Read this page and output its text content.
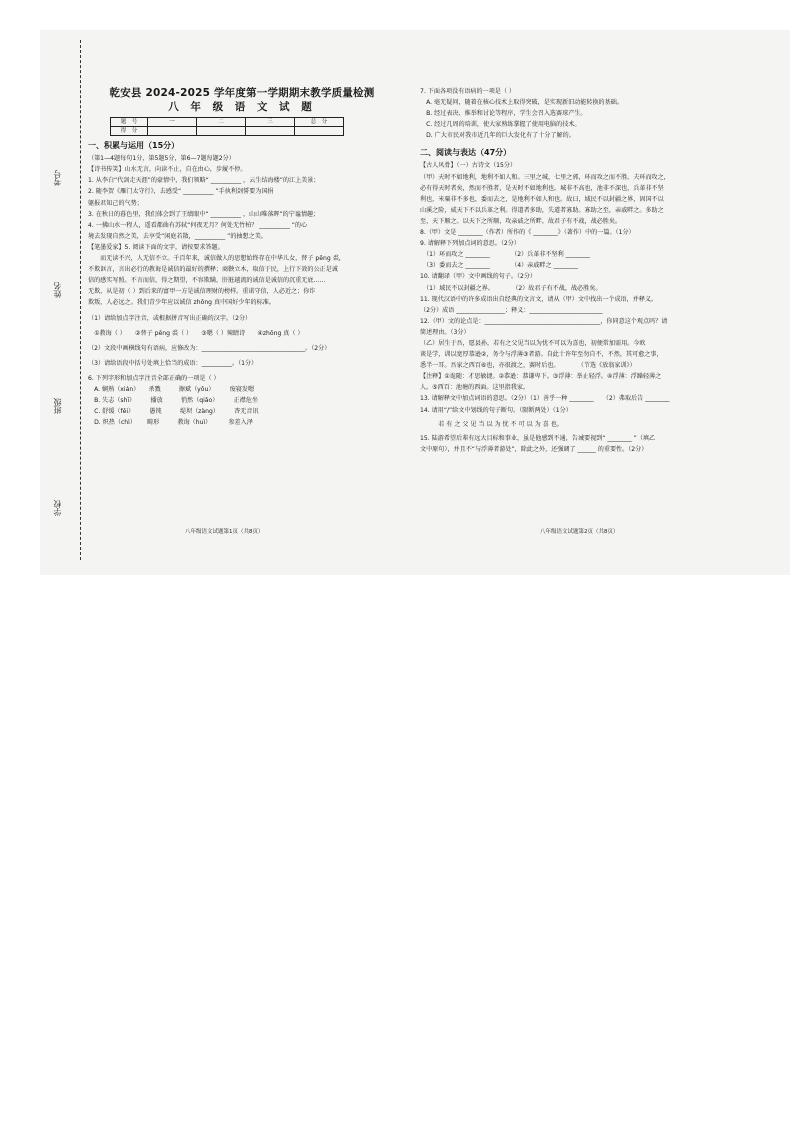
考号
姓名
班级
学校
乾安县 2024-2025 学年度第一学期期末教学质量检测
八 年 级 语 文 试 题
题　号	一	二	三	总　分
得　分				
一、积累与运用（15分）

（第1—4题每句1分，第5题5分，第6—7题每题2分）

【诗书传笑】山水无言，向读不止，自在由心，步履不停。

1. 从李白“代剑走天涯”的豪情中，我们领略“ __________ ，云生结海楼”的江上美景；

2. 随李贺《雁门太守行》，去感受“ __________ ”手执利剑誓要为国捐

躯报君知己的气势；

3. 在秋日的暮色里，我们体会到了王绩眼中“ __________ ，山山唯落晖”的宁谧情趣；

4. 一拂山水一程人，遥看都曲有苏轼“何夜无月？何处无竹柏？ __________ ”的心

境去发现自然之美，去享受“闲庭若散，__________ ”的抽想之美。

【笔墨爱家】5. 阅读下面的文字，请按要求答题。

　　而无读不兴，人无信不立。千百年来，诚信做人的思想始终存在中华儿女，替子 pēng 裘，

不欺诓言，言出必行的教诲是诚信的最好的撰释；商鞅立木，取信于民，上行下效的公正是诚

信的感实写照。不言而信，得之期望，不容欺瞒，肝脏越流的诚信是诚信的沉重无底……

无欺，从是初（ ）到后来的富甲一方是诚信理财的榜样。重诺守信，人必近之；你诈

欺叛，人必远之。我们青少年应以诚信 zhōng 真中国好少年的标准。

（1）请给加点字注音，或根据拼音写出正确的汉字。（2分）

　①教诲（ ）　　②替子 pēng 裘（ ）　　③嗯（ ）辣睛诗　　④zhōng 真（ ）

（2）文段中画横线句有语病，应修改为：__________________________________。（2分）

（3）请给语段中括号处填上恰当的成语：__________。（1分）

6. 下列字形和加点字注音全部正确的一项是（ ）

　A. 娴熟（xián）　　杀戮　　　擦斌（yōu）　　　废寝发嗯

　B. 失志（shī）　　　播放　　　悄然（qiǎo）　　　正襟危坐

　C. 舒缓（fěi）　　　愚钝　　　堤坝（zàng）　　　杳无音讯

　D. 炽热（chì）　　 畸形　　　教诲（huì）　　　 参差入泽

八年级语文试题第1页（共8页）

7. 下面各项没有语病的一项是（ ）

　A. 毫无疑问，随着在核心技术上取得突破，是实现新旧动能转换的基础。

　B. 经过表决、推举和讨论等程序，学生会召入选赛球产生。

　C. 经过几周的培训，使大家熟练掌握了使用电脑的技术。

　D. 广大市民对我市近几年的巨大发化有了十分了解的。

二、阅读与表达（47分）

【古人风骨】（一）古诗文（15分）

（甲）天时不如地利，地利不如人和。三里之城，七里之郭，环而攻之而不胜。夫环而攻之，

必有得天时者矣，然而不胜者，是天时不如地利也。城非不高也，池非不深也，兵革非不坚

利也，米粟非不多也，委而去之，是地利不如人和也。故曰，域民不以封疆之界，固国不以

山溪之险，威天下不以兵革之利。得道者多助，失道者寡助。寡助之至，亲戚畔之。多助之

至，天下顺之。以天下之所顺，攻亲戚之所畔，故君子有不战，战必胜矣。

8.（甲）文是 ________（作者）所作的《 ________》（著作）中的一篇。（1分）

9. 请解释下列加点词的意思。（2分）

　（1）环而攻之 ________　　　　（2）兵革非不坚利 ________

　（3）委而去之 ________　　　　（4）亲戚畔之 ________

10. 请翻译（甲）文中画线的句子。（2分）

　（1）域民不以封疆之界。　　　　（2）故君子有不战，战必胜矣。

11. 现代汉语中的许多成语出自经典的文言文，请从（甲）文中找出一个成语，并释义。

（2分）成语 ________________；释义：________________________

12.（甲）文的论点是：______________________________________，你同意这个观点吗？请

简述理由。（3分）

（乙）居生于吾，愿县孙，若有之父见当以为忧不可以为喜也，初便常加需用。今欧

谈是学，训以宽厚恭逊②，务令与浮薄③者游。自此十许年至勿自不，不然，其可愈之事，

悉半一耳。吾家之西百⑥也，亦很渡之，赛时后也。　　　　（节选《放翁家训》）

【注释】①诡随：才思敏捷。②恭逊：恭谦卑下。③浮薄：举止轻浮。④浮薄：浮躁轻薄之

人。⑤西百：池塘的西面。这里指我家。

13. 请解释文中加点词语的意思。（2分）（1）善乎一种 ________　　（2）弗取后告 ________

14. 请用“/”给文中划线的句子断句。（限断两处）（1分）

　　　若 有 之 父 见 当 以 为 忧 不 可 以 为 喜 也。

15. 陆游希望后辈有远大目标和事业，虽是他感到不通，告诫要视到“ ________ ”（填乙

文中原句），并且不“与浮薄者游处”，除此之外，还强调了 ______ 的重要性。（2分）

八年级语文试题第2页（共8页）
